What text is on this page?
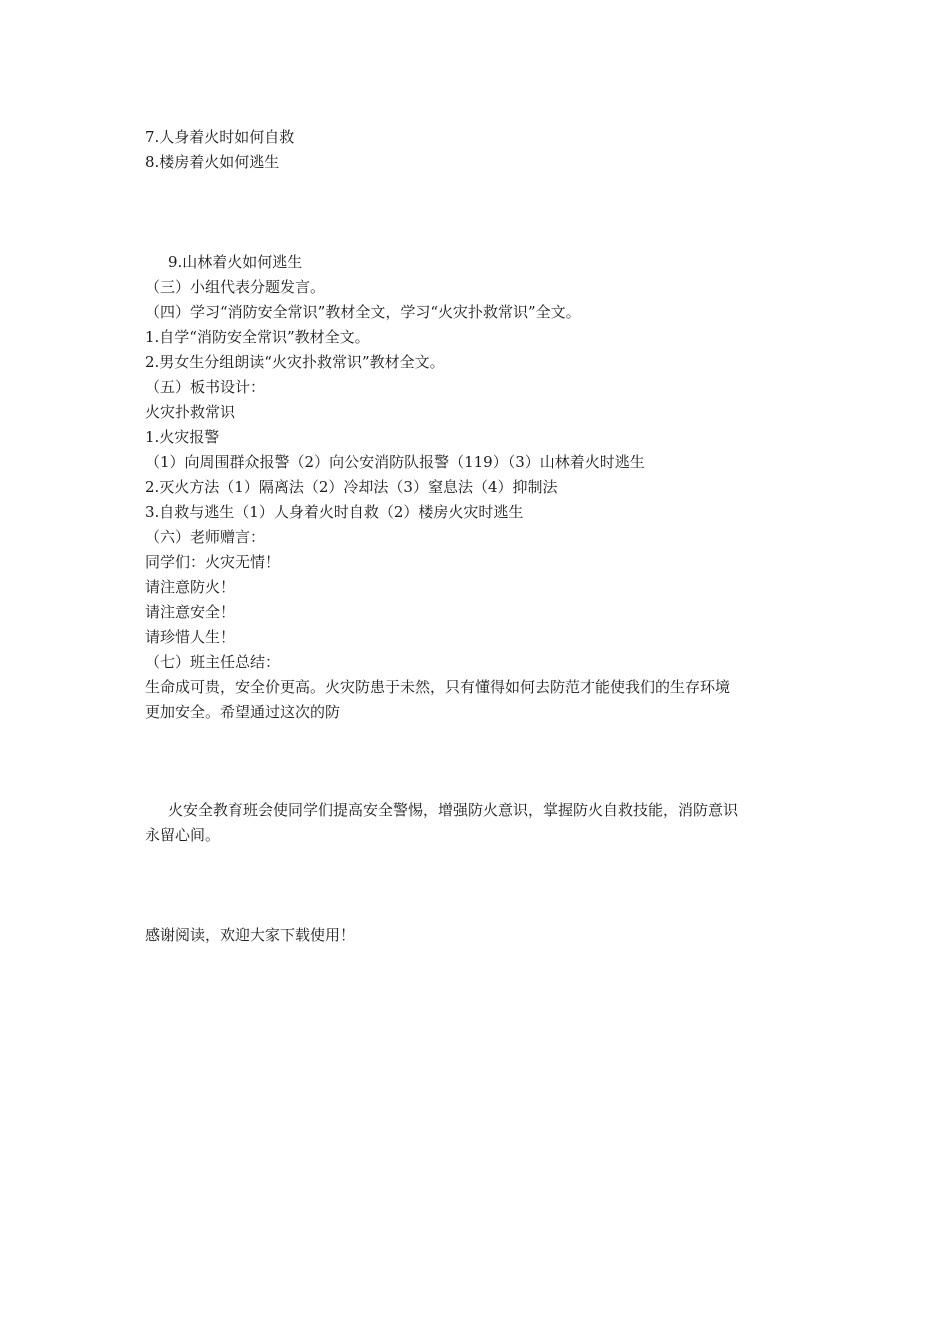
7.人身着火时如何自救
8.楼房着火如何逃生
9.山林着火如何逃生
（三）小组代表分题发言。
（四）学习“消防安全常识”教材全文，学习“火灾扑救常识”全文。
1.自学“消防安全常识”教材全文。
2.男女生分组朗读“火灾扑救常识”教材全文。
（五）板书设计：
火灾扑救常识
1.火灾报警
（1）向周围群众报警（2）向公安消防队报警（119）（3）山林着火时逃生
2.灭火方法（1）隔离法（2）冷却法（3）窒息法（4）抑制法
3.自救与逃生（1）人身着火时自救（2）楼房火灾时逃生
（六）老师赠言：
同学们：火灾无情！
请注意防火！
请注意安全！
请珍惜人生！
（七）班主任总结：
生命成可贵，安全价更高。火灾防患于未然，只有懂得如何去防范才能使我们的生存环境
更加安全。希望通过这次的防
火安全教育班会使同学们提高安全警惕，增强防火意识，掌握防火自救技能，消防意识
永留心间。
感谢阅读，欢迎大家下载使用！
